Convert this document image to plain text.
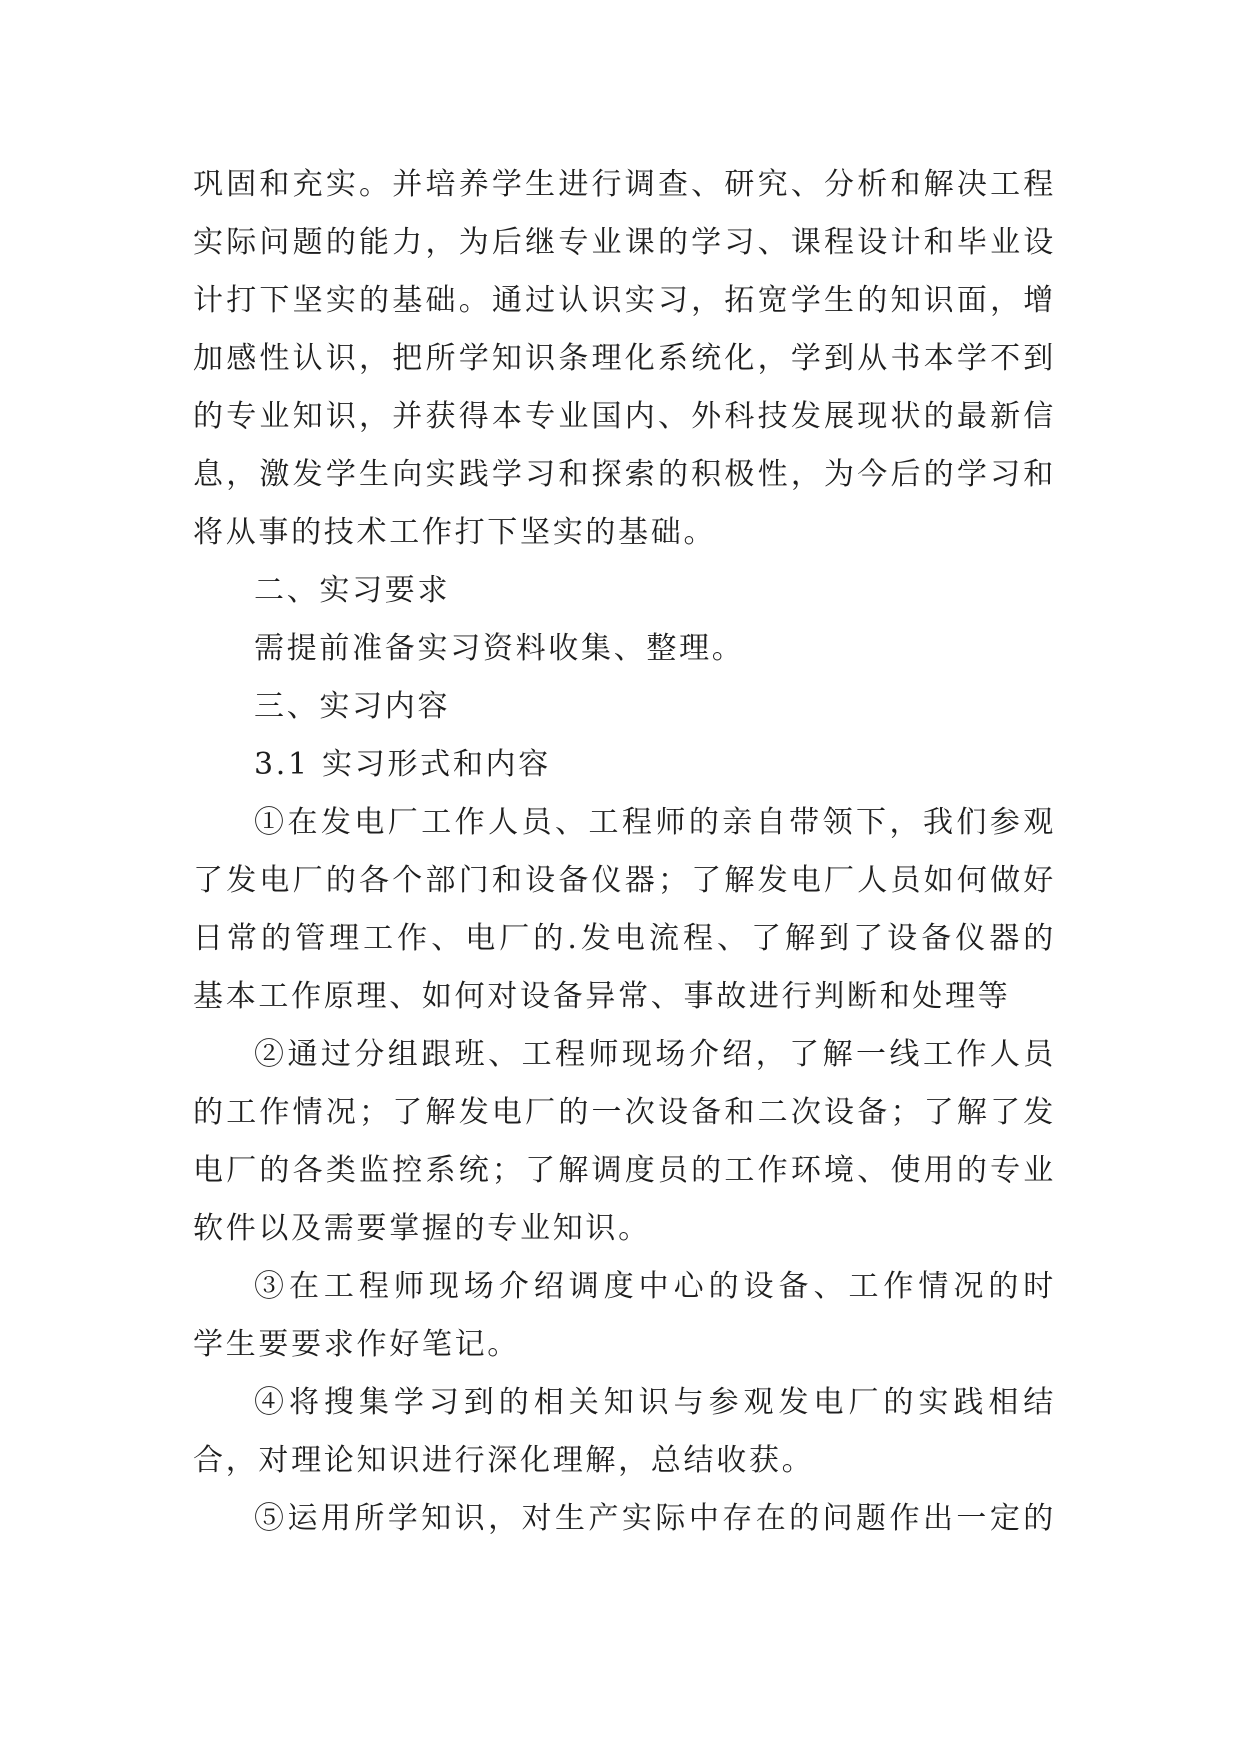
巩固和充实。并培养学生进行调查、研究、分析和解决工程
实际问题的能力，为后继专业课的学习、课程设计和毕业设
计打下坚实的基础。通过认识实习，拓宽学生的知识面，增
加感性认识，把所学知识条理化系统化，学到从书本学不到
的专业知识，并获得本专业国内、外科技发展现状的最新信
息，激发学生向实践学习和探索的积极性，为今后的学习和
将从事的技术工作打下坚实的基础。
二、实习要求
需提前准备实习资料收集、整理。
三、实习内容
3.1 实习形式和内容
①在发电厂工作人员、工程师的亲自带领下，我们参观
了发电厂的各个部门和设备仪器；了解发电厂人员如何做好
日常的管理工作、电厂的.发电流程、了解到了设备仪器的
基本工作原理、如何对设备异常、事故进行判断和处理等
②通过分组跟班、工程师现场介绍，了解一线工作人员
的工作情况；了解发电厂的一次设备和二次设备；了解了发
电厂的各类监控系统；了解调度员的工作环境、使用的专业
软件以及需要掌握的专业知识。
③在工程师现场介绍调度中心的设备、工作情况的时
学生要要求作好笔记。
④将搜集学习到的相关知识与参观发电厂的实践相结
合，对理论知识进行深化理解，总结收获。
⑤运用所学知识，对生产实际中存在的问题作出一定的
